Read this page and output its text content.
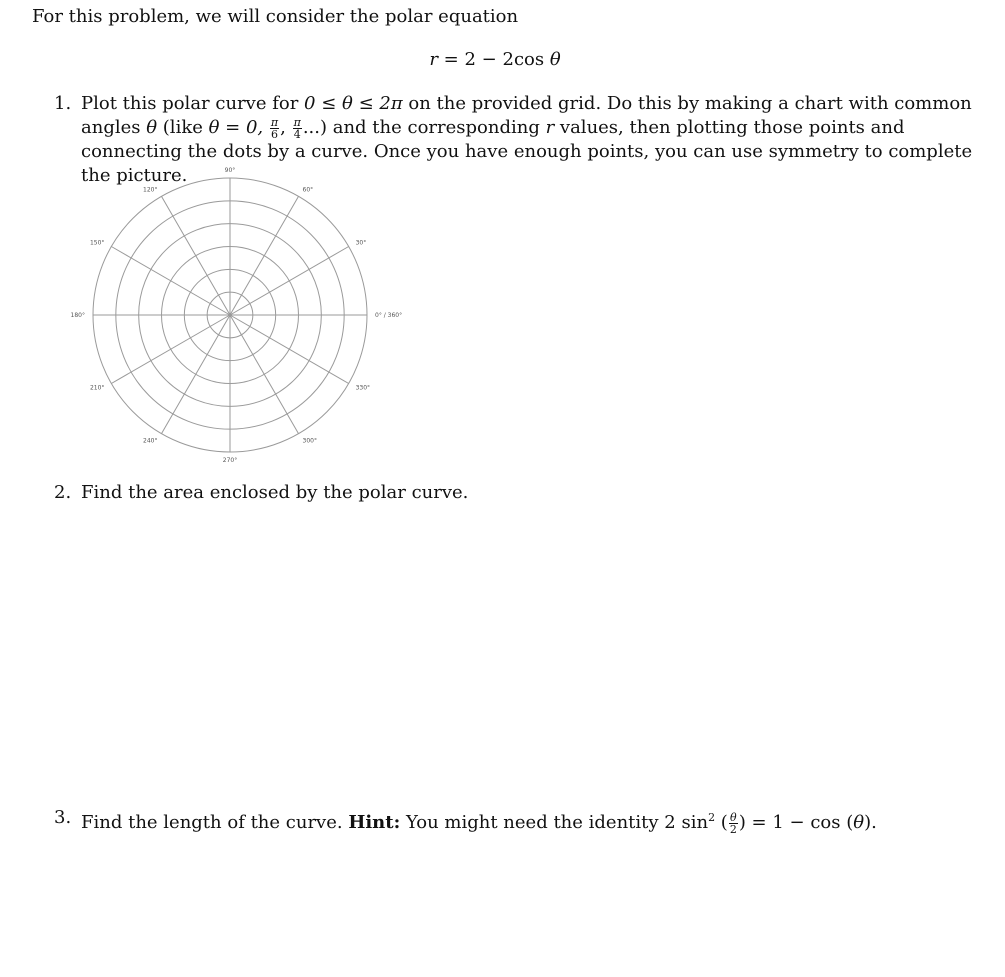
For this problem, we will consider the polar equation
r = 2 − 2cos θ
1. Plot this polar curve for 0 ≤ θ ≤ 2π on the provided grid. Do this by making a chart with common angles θ (like θ = 0, $\frac{\pi}{6}$ , $\frac{\pi}{4}$ ...) and the corresponding r values, then plotting those points and connecting the dots by a curve. Once you have enough points, you can use symmetry to complete the picture.
0° / 360°
30°
60°
90°
120°
150°
180°
210°
240°
270°
300°
330°
2. Find the area enclosed by the polar curve.
3. Find the length of the curve. Hint: You might need the identity 2 $\sin^2$ ( $\frac{\theta}{2}$ ) = 1 − cos (θ).
